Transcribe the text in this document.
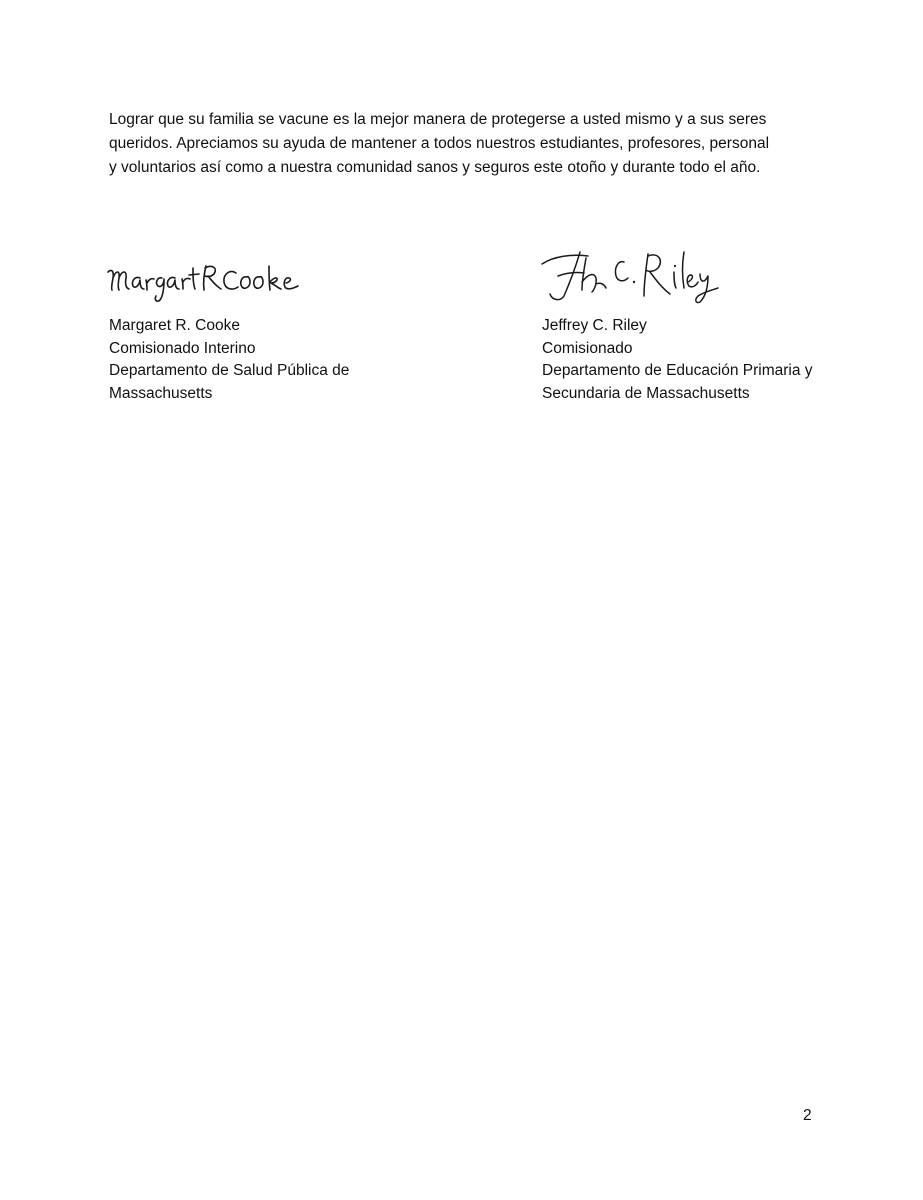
Lograr que su familia se vacune es la mejor manera de protegerse a usted mismo y a sus seres
queridos. Apreciamos su ayuda de mantener a todos nuestros estudiantes, profesores, personal
y voluntarios así como a nuestra comunidad sanos y seguros este otoño y durante todo el año.

Margaret R. Cooke
Comisionado Interino
Departamento de Salud Pública de
Massachusetts
Jeffrey C. Riley
Comisionado
Departamento de Educación Primaria y
Secundaria de Massachusetts
2
